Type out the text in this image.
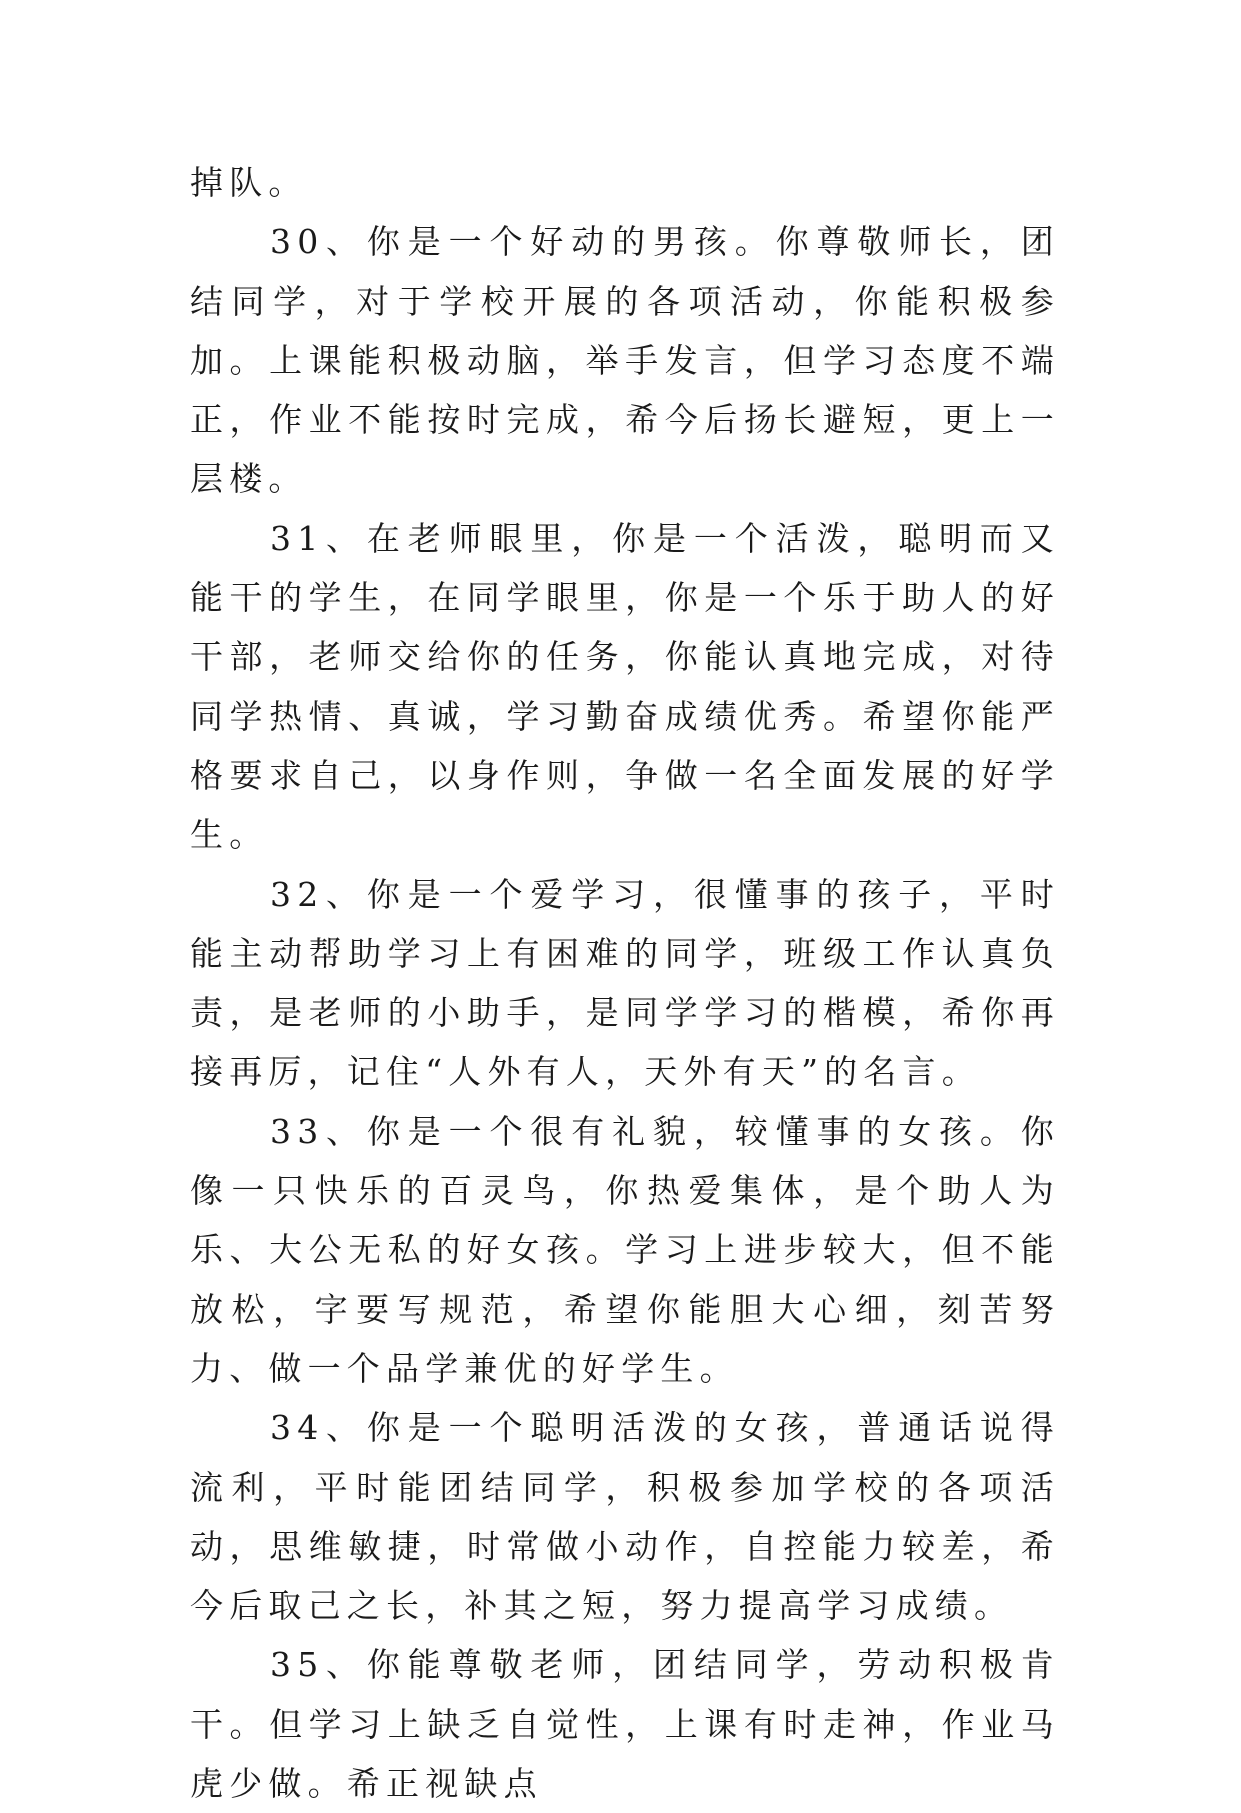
掉队。

30、你是一个好动的男孩。你尊敬师长，团结同学，对于学校开展的各项活动，你能积极参加。上课能积极动脑，举手发言，但学习态度不端正，作业不能按时完成，希今后扬长避短，更上一层楼。

31、在老师眼里，你是一个活泼，聪明而又能干的学生，在同学眼里，你是一个乐于助人的好干部，老师交给你的任务，你能认真地完成，对待同学热情、真诚，学习勤奋成绩优秀。希望你能严格要求自己，以身作则，争做一名全面发展的好学生。

32、你是一个爱学习，很懂事的孩子，平时能主动帮助学习上有困难的同学，班级工作认真负责，是老师的小助手，是同学学习的楷模，希你再接再厉，记住“人外有人，天外有天”的名言。

33、你是一个很有礼貌，较懂事的女孩。你像一只快乐的百灵鸟，你热爱集体，是个助人为乐、大公无私的好女孩。学习上进步较大，但不能放松，字要写规范，希望你能胆大心细，刻苦努力、做一个品学兼优的好学生。

34、你是一个聪明活泼的女孩，普通话说得流利，平时能团结同学，积极参加学校的各项活动，思维敏捷，时常做小动作，自控能力较差，希今后取己之长，补其之短，努力提高学习成绩。

35、你能尊敬老师，团结同学，劳动积极肯干。但学习上缺乏自觉性，上课有时走神，作业马虎少做。希正视缺点
